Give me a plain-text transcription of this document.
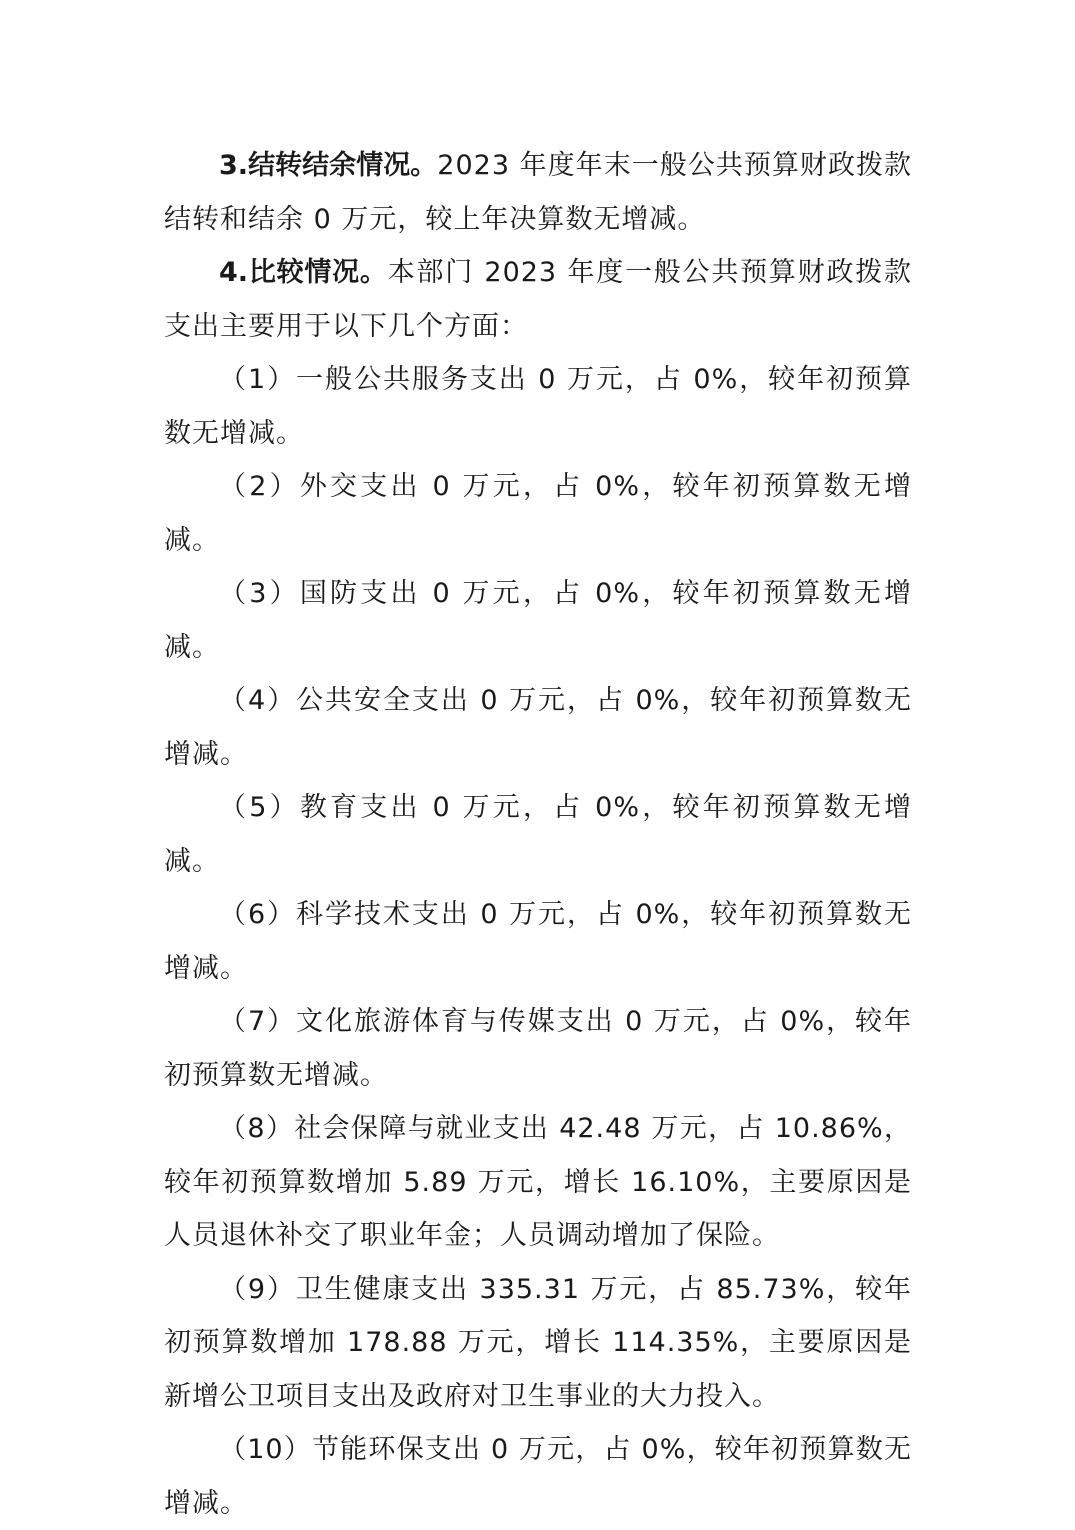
3.结转结余情况。2023 年度年末一般公共预算财政拨款结转和结余 0 万元，较上年决算数无增减。

4.比较情况。本部门 2023 年度一般公共预算财政拨款支出主要用于以下几个方面：

（1）一般公共服务支出 0 万元，占 0%，较年初预算数无增减。

（2）外交支出 0 万元，占 0%，较年初预算数无增减。

（3）国防支出 0 万元，占 0%，较年初预算数无增减。

（4）公共安全支出 0 万元，占 0%，较年初预算数无增减。

（5）教育支出 0 万元，占 0%，较年初预算数无增减。

（6）科学技术支出 0 万元，占 0%，较年初预算数无增减。

（7）文化旅游体育与传媒支出 0 万元，占 0%，较年初预算数无增减。

（8）社会保障与就业支出 42.48 万元，占 10.86%，较年初预算数增加 5.89 万元，增长 16.10%，主要原因是人员退休补交了职业年金；人员调动增加了保险。

（9）卫生健康支出 335.31 万元，占 85.73%，较年初预算数增加 178.88 万元，增长 114.35%，主要原因是新增公卫项目支出及政府对卫生事业的大力投入。

（10）节能环保支出 0 万元，占 0%，较年初预算数无增减。
